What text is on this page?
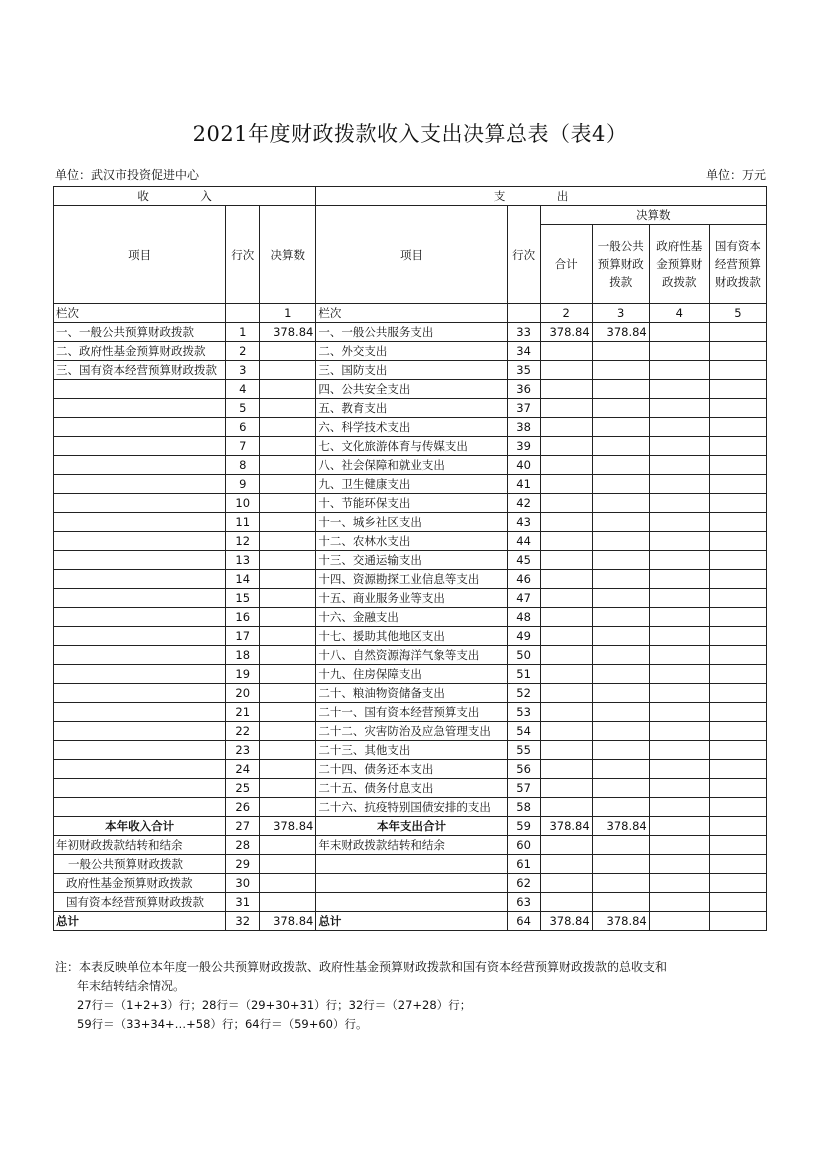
2021年度财政拨款收入支出决算总表（表4）
单位：武汉市投资促进中心	单位：万元
收　入			支　出					
项目	行次	决算数	项目	行次	决算数			
					合计	一般公共预算财政拨款	政府性基金预算财政拨款	国有资本经营预算财政拨款
栏次		1	栏次		2	3	4	5
一、一般公共预算财政拨款	1	378.84	一、一般公共服务支出	33	378.84	378.84		
二、政府性基金预算财政拨款	2		二、外交支出	34				
三、国有资本经营预算财政拨款	3		三、国防支出	35				
	4		四、公共安全支出	36				
	5		五、教育支出	37				
	6		六、科学技术支出	38				
	7		七、文化旅游体育与传媒支出	39				
	8		八、社会保障和就业支出	40				
	9		九、卫生健康支出	41				
	10		十、节能环保支出	42				
	11		十一、城乡社区支出	43				
	12		十二、农林水支出	44				
	13		十三、交通运输支出	45				
	14		十四、资源勘探工业信息等支出	46				
	15		十五、商业服务业等支出	47				
	16		十六、金融支出	48				
	17		十七、援助其他地区支出	49				
	18		十八、自然资源海洋气象等支出	50				
	19		十九、住房保障支出	51				
	20		二十、粮油物资储备支出	52				
	21		二十一、国有资本经营预算支出	53				
	22		二十二、灾害防治及应急管理支出	54				
	23		二十三、其他支出	55				
	24		二十四、债务还本支出	56				
	25		二十五、债务付息支出	57				
	26		二十六、抗疫特别国债安排的支出	58				
本年收入合计	27	378.84	本年支出合计	59	378.84	378.84		
年初财政拨款结转和结余	28		年末财政拨款结转和结余	60				
一般公共预算财政拨款	29			61				
政府性基金预算财政拨款	30			62				
国有资本经营预算财政拨款	31			63				
总计	32	378.84	总计	64	378.84	378.84		
注：本表反映单位本年度一般公共预算财政拨款、政府性基金预算财政拨款和国有资本经营预算财政拨款的总收支和
年末结转结余情况。
27行＝（1+2+3）行；28行＝（29+30+31）行；32行＝（27+28）行；
59行＝（33+34+…+58）行；64行＝（59+60）行。
